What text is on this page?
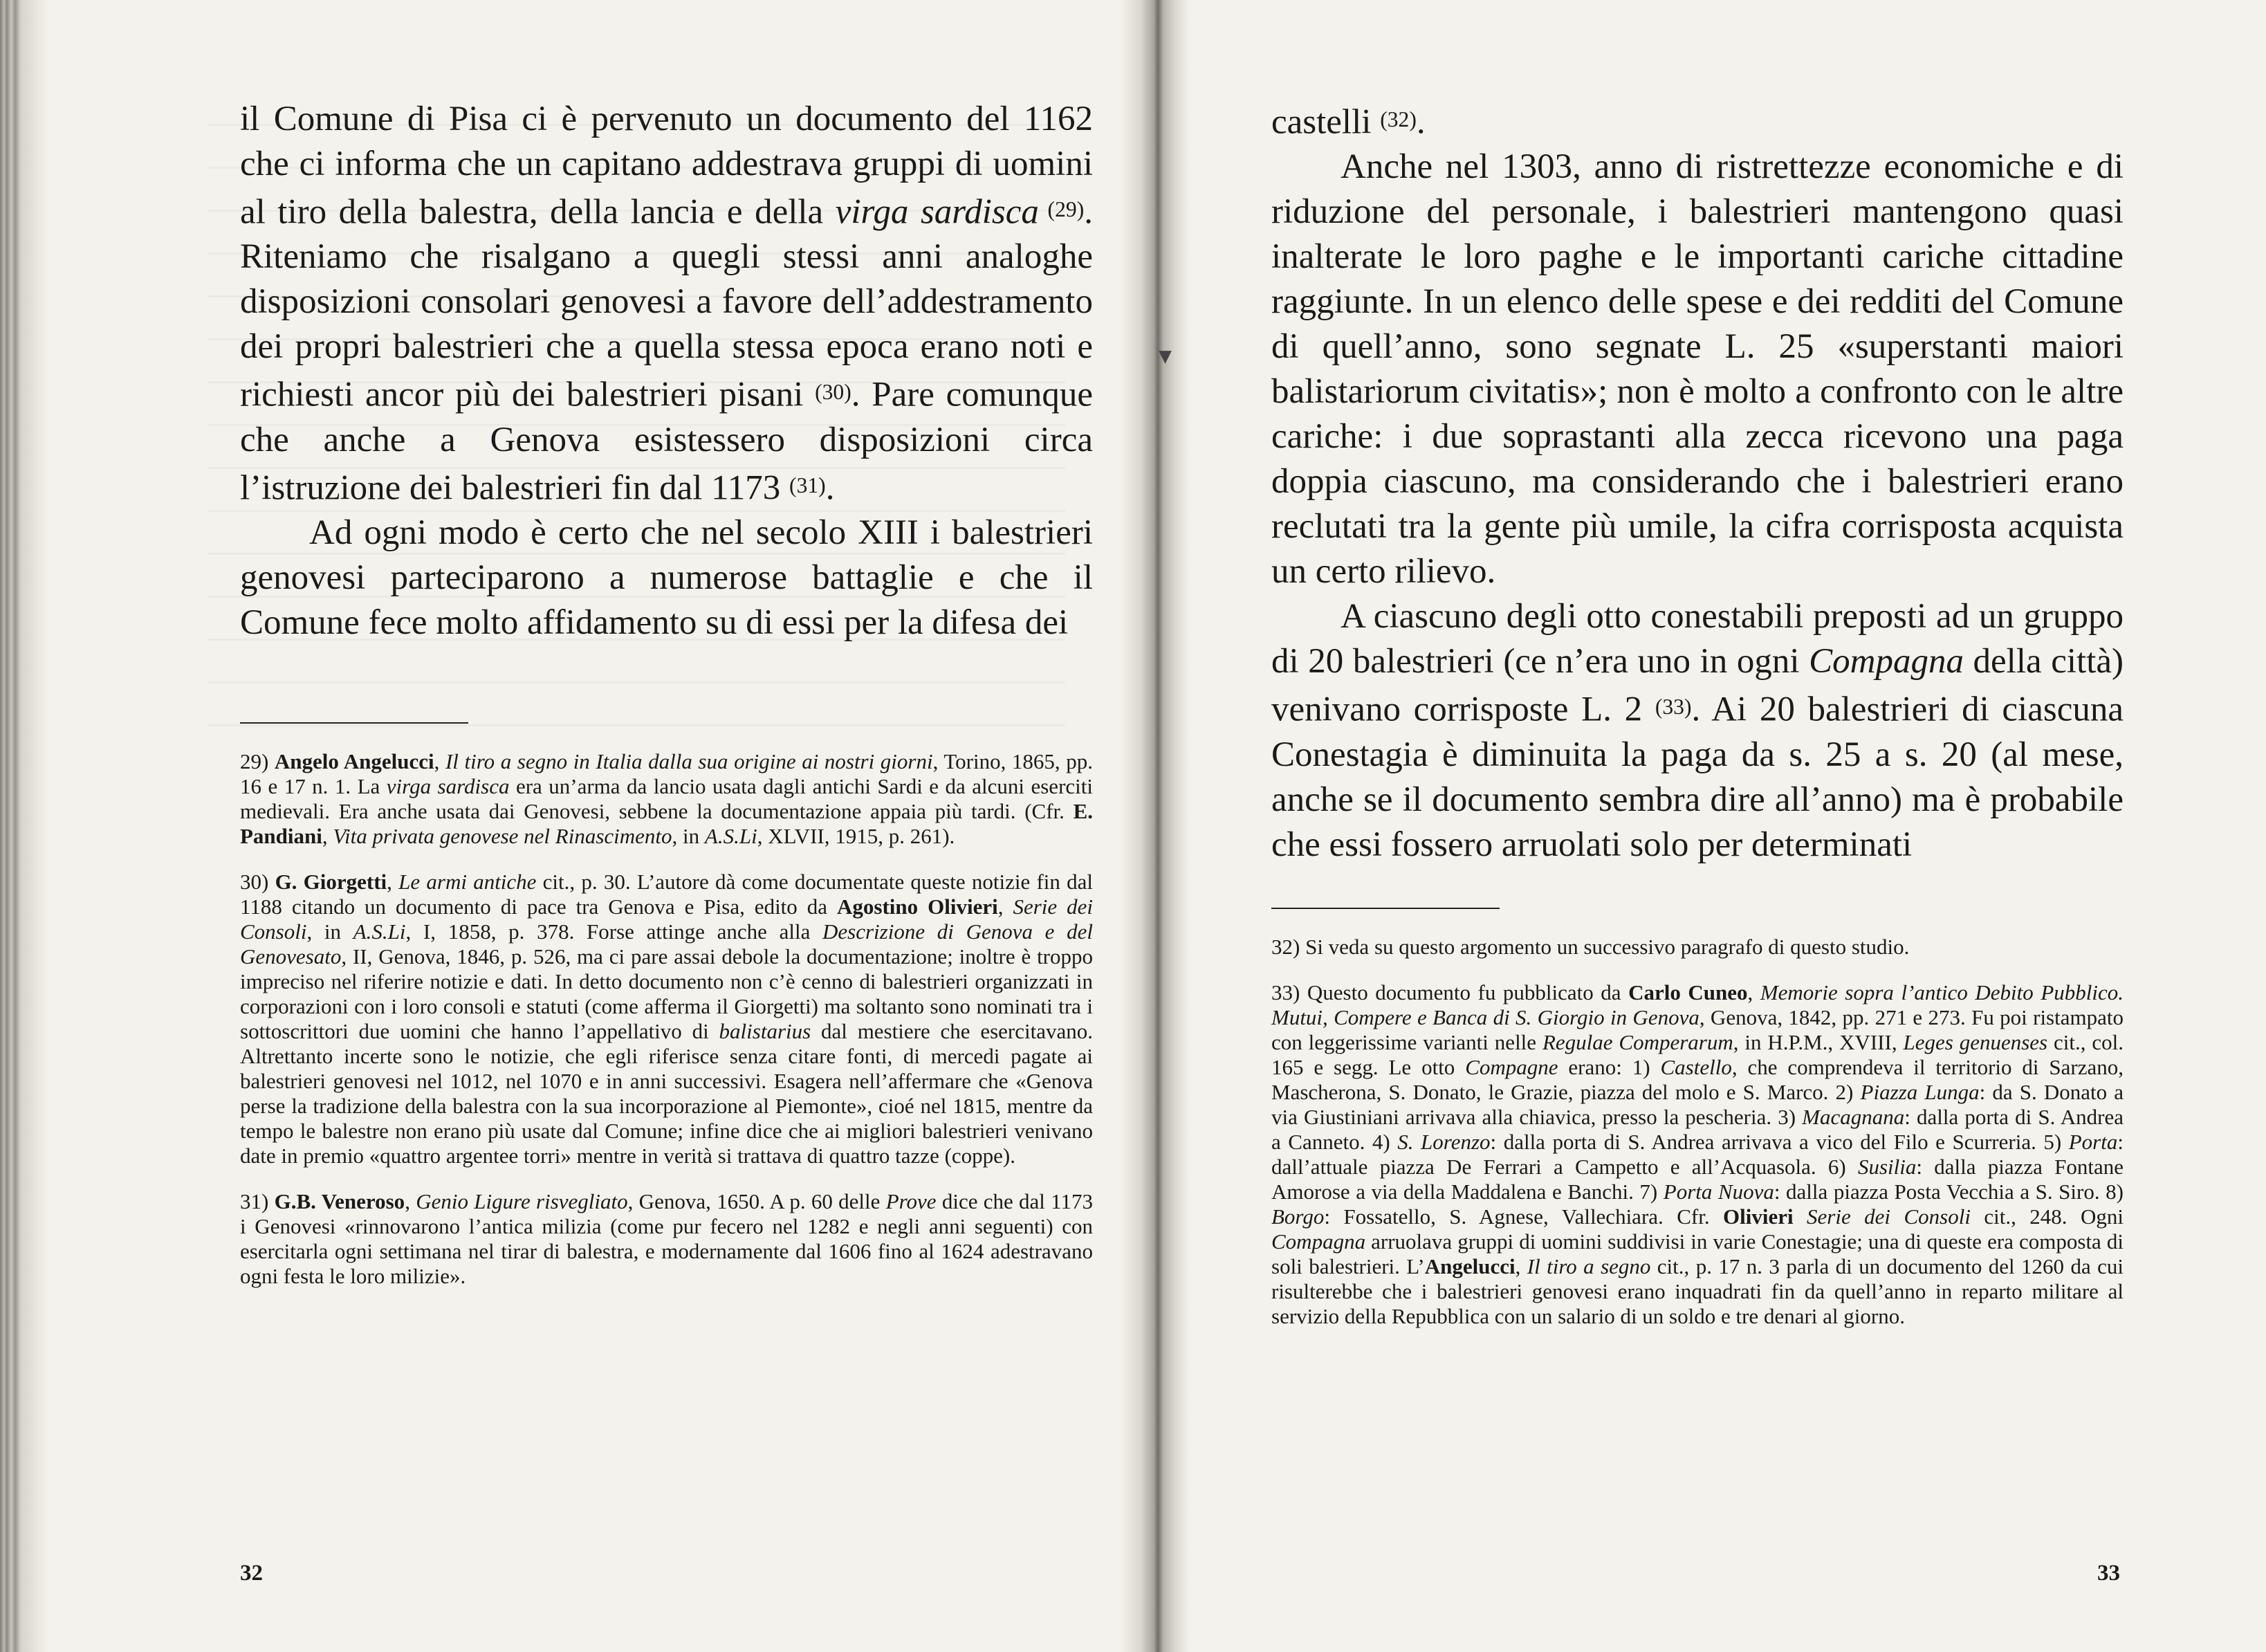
il Comune di Pisa ci è pervenuto un documento del 1162 che ci informa che un capitano addestrava gruppi di uomini al tiro della balestra, della lancia e della virga sardisca $^{(29)}$. Riteniamo che risalgano a quegli stessi anni analoghe disposizioni consolari genovesi a favore dell’addestramento dei propri balestrieri che a quella stessa epoca erano noti e richiesti ancor più dei balestrieri pisani $^{(30)}$. Pare comunque che anche a Genova esistessero disposizioni circa l’istruzione dei balestrieri fin dal 1173 $^{(31)}$.

Ad ogni modo è certo che nel secolo XIII i balestrieri genovesi parteciparono a numerose battaglie e che il Comune fece molto affidamento su di essi per la difesa dei

29) Angelo Angelucci, Il tiro a segno in Italia dalla sua origine ai nostri giorni, Torino, 1865, pp. 16 e 17 n. 1. La virga sardisca era un’arma da lancio usata dagli antichi Sardi e da alcuni eserciti medievali. Era anche usata dai Genovesi, sebbene la documentazione appaia più tardi. (Cfr. E. Pandiani, Vita privata genovese nel Rinascimento, in A.S.Li, XLVII, 1915, p. 261).

30) G. Giorgetti, Le armi antiche cit., p. 30. L’autore dà come documentate queste notizie fin dal 1188 citando un documento di pace tra Genova e Pisa, edito da Agostino Olivieri, Serie dei Consoli, in A.S.Li, I, 1858, p. 378. Forse attinge anche alla Descrizione di Genova e del Genovesato, II, Genova, 1846, p. 526, ma ci pare assai debole la documentazione; inoltre è troppo impreciso nel riferire notizie e dati. In detto documento non c’è cenno di balestrieri organizzati in corporazioni con i loro consoli e statuti (come afferma il Giorgetti) ma soltanto sono nominati tra i sottoscrittori due uomini che hanno l’appellativo di balistarius dal mestiere che esercitavano. Altrettanto incerte sono le notizie, che egli riferisce senza citare fonti, di mercedi pagate ai balestrieri genovesi nel 1012, nel 1070 e in anni successivi. Esagera nell’affermare che «Genova perse la tradizione della balestra con la sua incorporazione al Piemonte», cioé nel 1815, mentre da tempo le balestre non erano più usate dal Comune; infine dice che ai migliori balestrieri venivano date in premio «quattro argentee torri» mentre in verità si trattava di quattro tazze (coppe).

31) G.B. Veneroso, Genio Ligure risvegliato, Genova, 1650. A p. 60 delle Prove dice che dal 1173 i Genovesi «rinnovarono l’antica milizia (come pur fecero nel 1282 e negli anni seguenti) con esercitarla ogni settimana nel tirar di balestra, e modernamente dal 1606 fino al 1624 adestravano ogni festa le loro milizie».

32

castelli $^{(32)}$.

Anche nel 1303, anno di ristrettezze economiche e di riduzione del personale, i balestrieri mantengono quasi inalterate le loro paghe e le importanti cariche cittadine raggiunte. In un elenco delle spese e dei redditi del Comune di quell’anno, sono segnate L. 25 «superstanti maiori balistariorum civitatis»; non è molto a confronto con le altre cariche: i due soprastanti alla zecca ricevono una paga doppia ciascuno, ma considerando che i balestrieri erano reclutati tra la gente più umile, la cifra corrisposta acquista un certo rilievo.

A ciascuno degli otto conestabili preposti ad un gruppo di 20 balestrieri (ce n’era uno in ogni Compagna della città) venivano corrisposte L. 2 $^{(33)}$. Ai 20 balestrieri di ciascuna Conestagia è diminuita la paga da s. 25 a s. 20 (al mese, anche se il documento sembra dire all’anno) ma è probabile che essi fossero arruolati solo per determinati

32) Si veda su questo argomento un successivo paragrafo di questo studio.

33) Questo documento fu pubblicato da Carlo Cuneo, Memorie sopra l’antico Debito Pubblico. Mutui, Compere e Banca di S. Giorgio in Genova, Genova, 1842, pp. 271 e 273. Fu poi ristampato con leggerissime varianti nelle Regulae Comperarum, in H.P.M., XVIII, Leges genuenses cit., col. 165 e segg. Le otto Compagne erano: 1) Castello, che comprendeva il territorio di Sarzano, Mascherona, S. Donato, le Grazie, piazza del molo e S. Marco. 2) Piazza Lunga: da S. Donato a via Giustiniani arrivava alla chiavica, presso la pescheria. 3) Macagnana: dalla porta di S. Andrea a Canneto. 4) S. Lorenzo: dalla porta di S. Andrea arrivava a vico del Filo e Scurreria. 5) Porta: dall’attuale piazza De Ferrari a Campetto e all’Acquasola. 6) Susilia: dalla piazza Fontane Amorose a via della Maddalena e Banchi. 7) Porta Nuova: dalla piazza Posta Vecchia a S. Siro. 8) Borgo: Fossatello, S. Agnese, Vallechiara. Cfr. Olivieri Serie dei Consoli cit., 248. Ogni Compagna arruolava gruppi di uomini suddivisi in varie Conestagie; una di queste era composta di soli balestrieri. L’Angelucci, Il tiro a segno cit., p. 17 n. 3 parla di un documento del 1260 da cui risulterebbe che i balestrieri genovesi erano inquadrati fin da quell’anno in reparto militare al servizio della Repubblica con un salario di un soldo e tre denari al giorno.

33
▾
